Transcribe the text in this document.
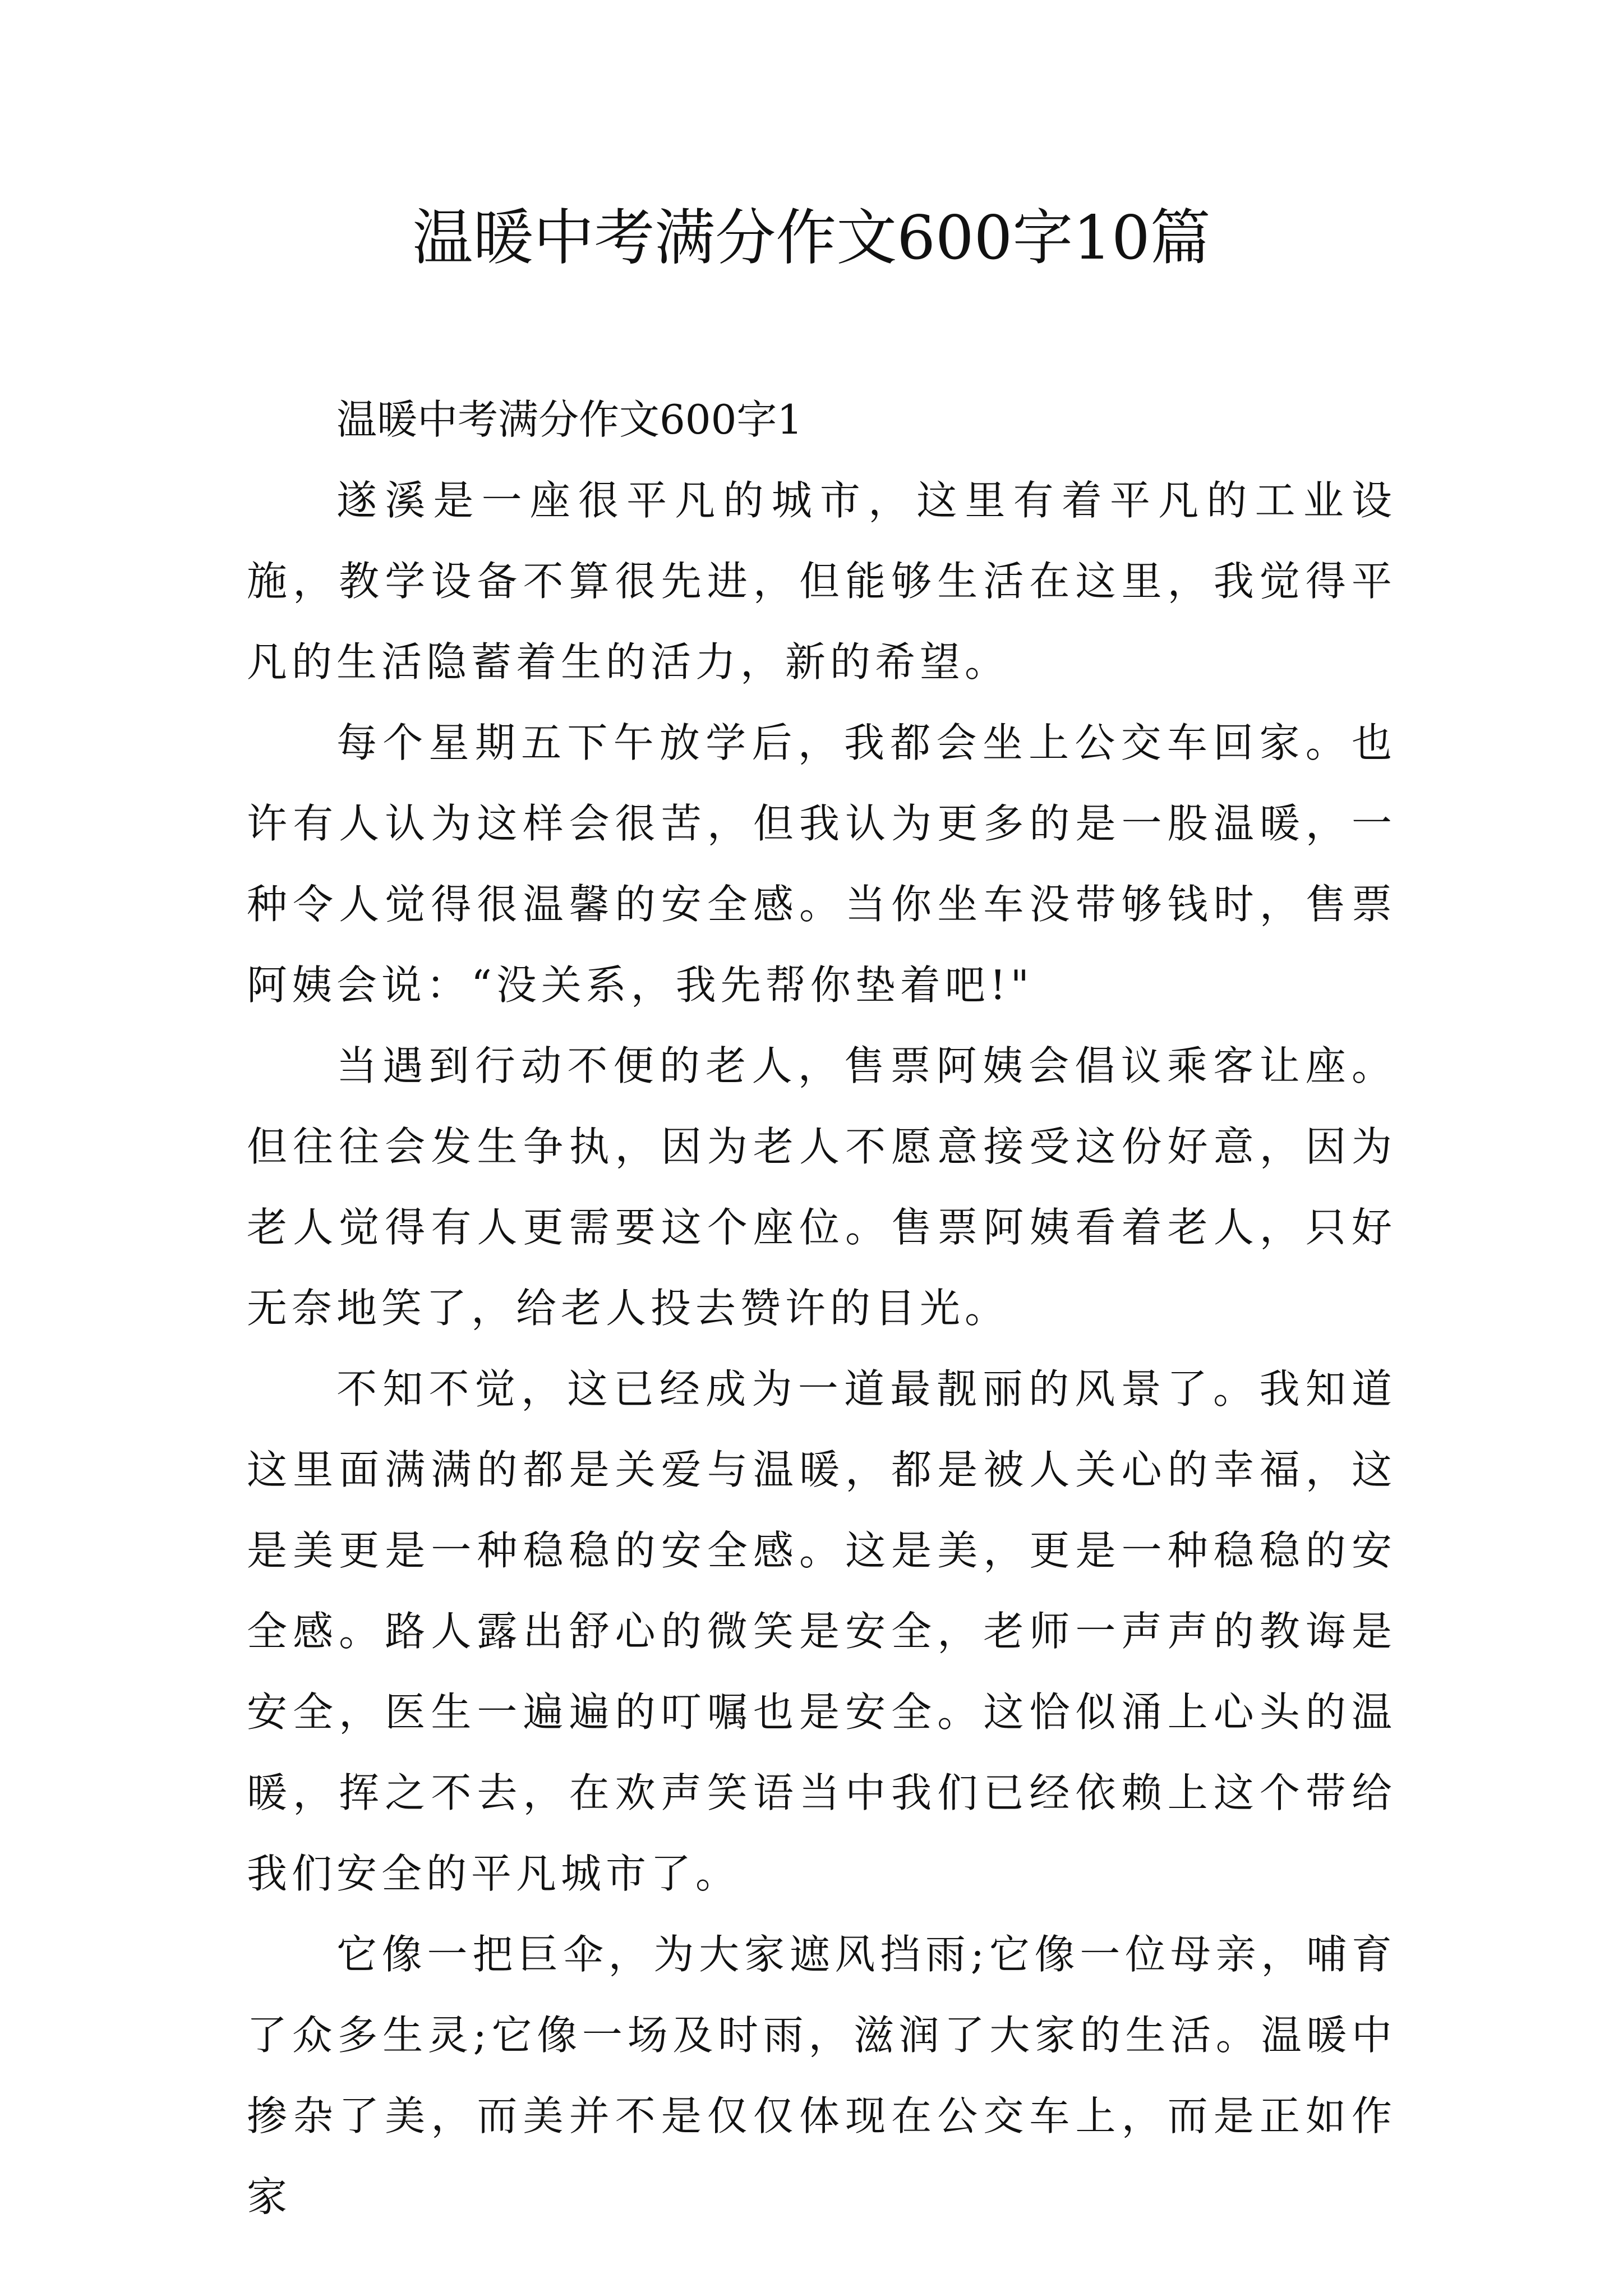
温暖中考满分作文600字10篇

温暖中考满分作文600字1

遂溪是一座很平凡的城市，这里有着平凡的工业设施，教学设备不算很先进，但能够生活在这里，我觉得平凡的生活隐蓄着生的活力，新的希望。

每个星期五下午放学后，我都会坐上公交车回家。也许有人认为这样会很苦，但我认为更多的是一股温暖，一种令人觉得很温馨的安全感。当你坐车没带够钱时，售票阿姨会说：“没关系，我先帮你垫着吧!"

当遇到行动不便的老人，售票阿姨会倡议乘客让座。但往往会发生争执，因为老人不愿意接受这份好意，因为老人觉得有人更需要这个座位。售票阿姨看着老人，只好无奈地笑了，给老人投去赞许的目光。

不知不觉，这已经成为一道最靓丽的风景了。我知道这里面满满的都是关爱与温暖，都是被人关心的幸福，这是美更是一种稳稳的安全感。这是美，更是一种稳稳的安全感。路人露出舒心的微笑是安全，老师一声声的教诲是安全，医生一遍遍的叮嘱也是安全。这恰似涌上心头的温暖，挥之不去，在欢声笑语当中我们已经依赖上这个带给我们安全的平凡城市了。

它像一把巨伞，为大家遮风挡雨;它像一位母亲，哺育了众多生灵;它像一场及时雨，滋润了大家的生活。温暖中掺杂了美，而美并不是仅仅体现在公交车上，而是正如作家
